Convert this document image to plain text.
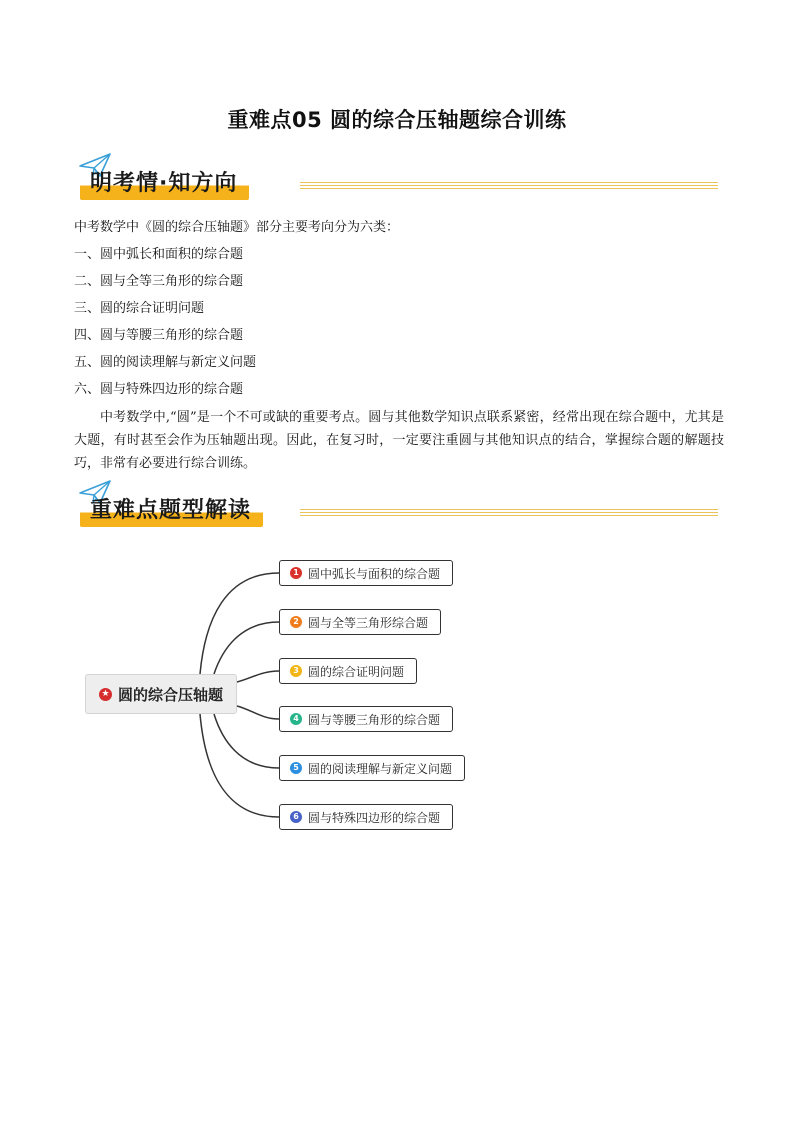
重难点05 圆的综合压轴题综合训练
明考情·知方向
中考数学中《圆的综合压轴题》部分主要考向分为六类：
一、圆中弧长和面积的综合题
二、圆与全等三角形的综合题
三、圆的综合证明问题
四、圆与等腰三角形的综合题
五、圆的阅读理解与新定义问题
六、圆与特殊四边形的综合题
中考数学中,“圆”是一个不可或缺的重要考点。圆与其他数学知识点联系紧密，经常出现在综合题中，尤其是大题，有时甚至会作为压轴题出现。因此，在复习时，一定要注重圆与其他知识点的结合，掌握综合题的解题技巧，非常有必要进行综合训练。
重难点题型解读
★ 圆的综合压轴题
1 圆中弧长与面积的综合题
2 圆与全等三角形综合题
3 圆的综合证明问题
4 圆与等腰三角形的综合题
5 圆的阅读理解与新定义问题
6 圆与特殊四边形的综合题
